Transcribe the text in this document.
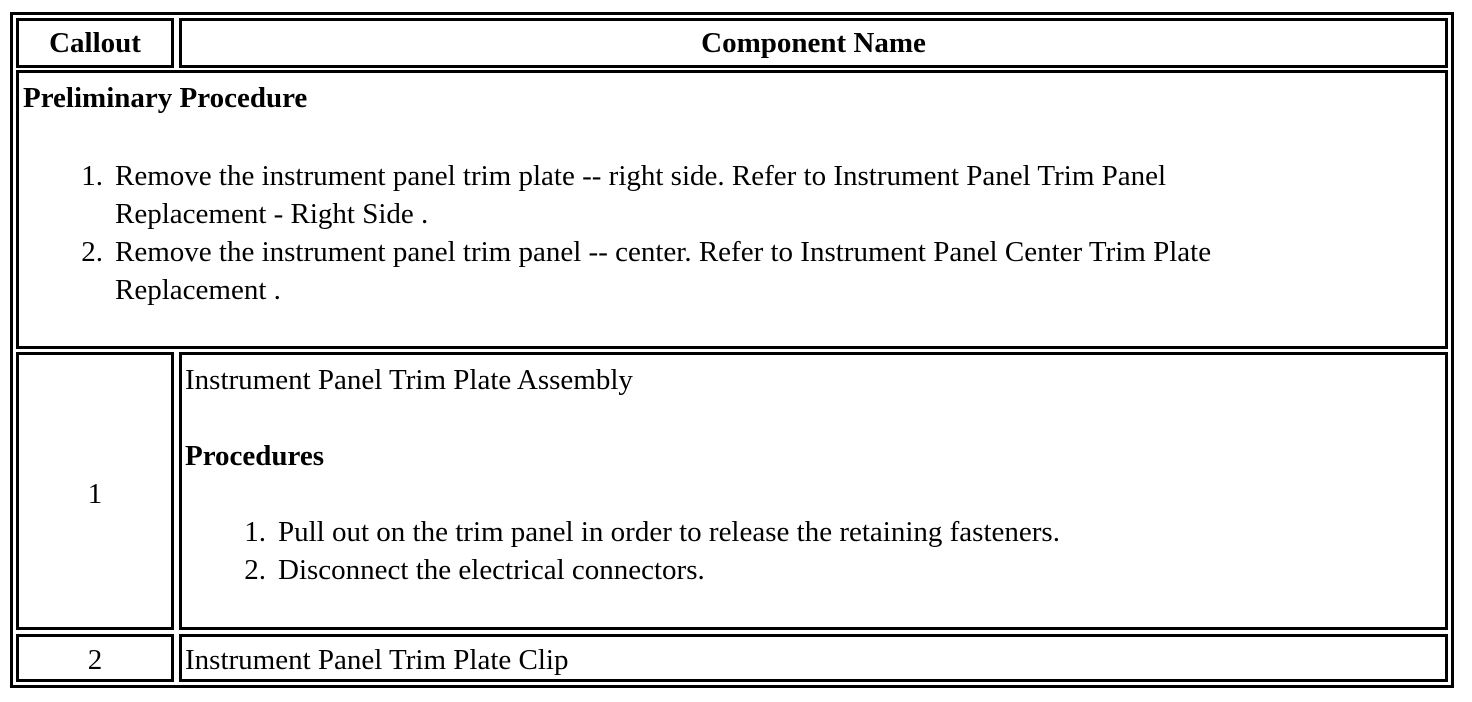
Callout	Component Name
Preliminary Procedure
1. Remove the instrument panel trim plate -- right side. Refer to Instrument Panel Trim Panel
Replacement - Right Side .
2. Remove the instrument panel trim panel -- center. Refer to Instrument Panel Center Trim Plate
Replacement .
1
Instrument Panel Trim Plate Assembly
Procedures
1. Pull out on the trim panel in order to release the retaining fasteners.
2. Disconnect the electrical connectors.
2	Instrument Panel Trim Plate Clip
